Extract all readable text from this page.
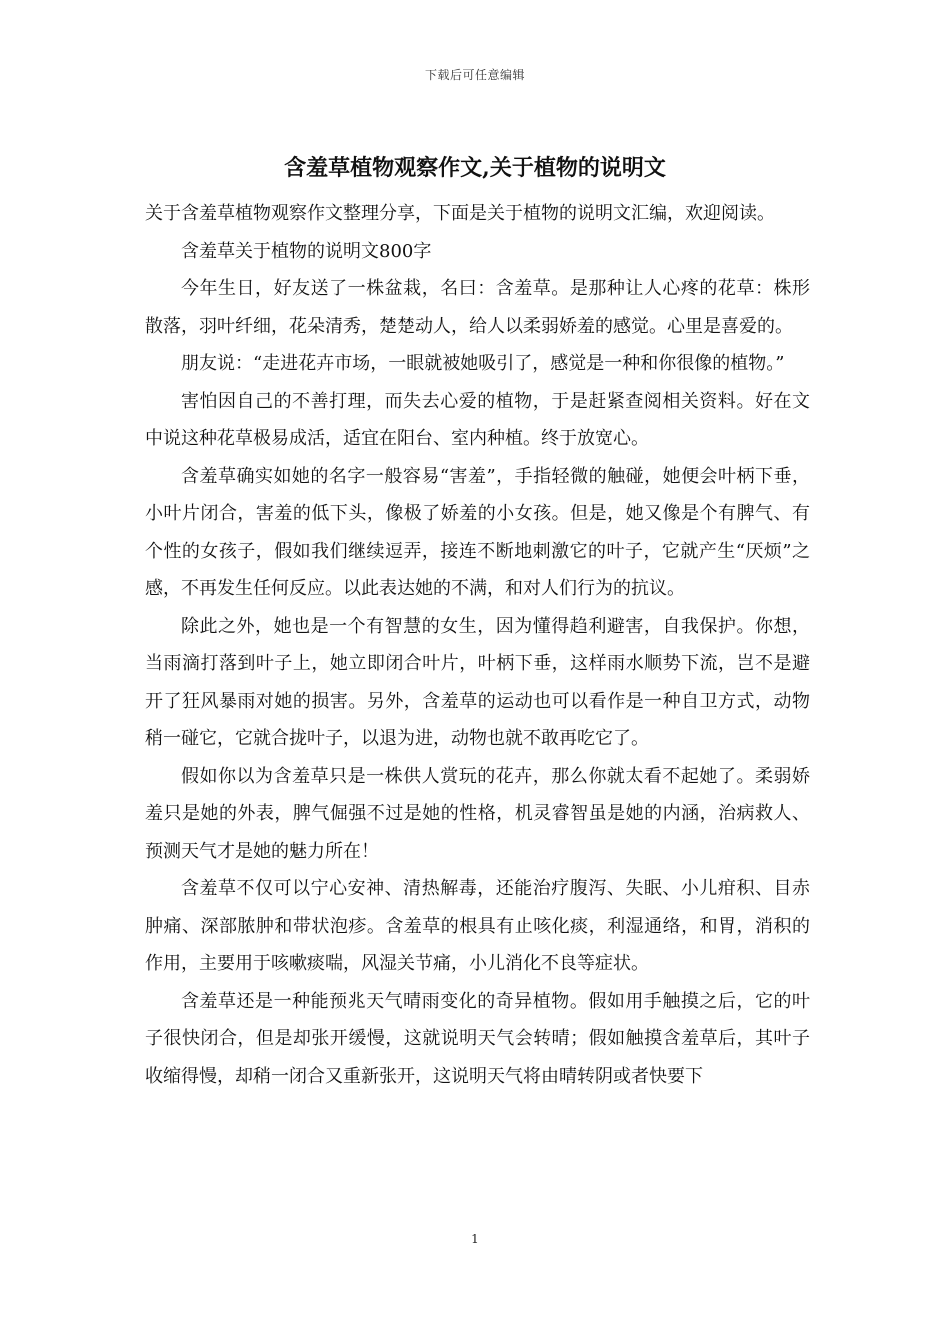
下载后可任意编辑
含羞草植物观察作文,关于植物的说明文

关于含羞草植物观察作文整理分享，下面是关于植物的说明文汇编，欢迎阅读。

含羞草关于植物的说明文800字

今年生日，好友送了一株盆栽，名曰：含羞草。是那种让人心疼的花草：株形散落，羽叶纤细，花朵清秀，楚楚动人，给人以柔弱娇羞的感觉。心里是喜爱的。

朋友说：“走进花卉市场，一眼就被她吸引了，感觉是一种和你很像的植物。”

害怕因自己的不善打理，而失去心爱的植物，于是赶紧查阅相关资料。好在文中说这种花草极易成活，适宜在阳台、室内种植。终于放宽心。

含羞草确实如她的名字一般容易“害羞”，手指轻微的触碰，她便会叶柄下垂，小叶片闭合，害羞的低下头，像极了娇羞的小女孩。但是，她又像是个有脾气、有个性的女孩子，假如我们继续逗弄，接连不断地刺激它的叶子，它就产生“厌烦”之感，不再发生任何反应。以此表达她的不满，和对人们行为的抗议。

除此之外，她也是一个有智慧的女生，因为懂得趋利避害，自我保护。你想，当雨滴打落到叶子上，她立即闭合叶片，叶柄下垂，这样雨水顺势下流，岂不是避开了狂风暴雨对她的损害。另外，含羞草的运动也可以看作是一种自卫方式，动物稍一碰它，它就合拢叶子，以退为进，动物也就不敢再吃它了。

假如你以为含羞草只是一株供人赏玩的花卉，那么你就太看不起她了。柔弱娇羞只是她的外表，脾气倔强不过是她的性格，机灵睿智虽是她的内涵，治病救人、预测天气才是她的魅力所在！

含羞草不仅可以宁心安神、清热解毒，还能治疗腹泻、失眠、小儿疳积、目赤肿痛、深部脓肿和带状泡疹。含羞草的根具有止咳化痰，利湿通络，和胃，消积的作用，主要用于咳嗽痰喘，风湿关节痛，小儿消化不良等症状。

含羞草还是一种能预兆天气晴雨变化的奇异植物。假如用手触摸之后，它的叶子很快闭合，但是却张开缓慢，这就说明天气会转晴；假如触摸含羞草后，其叶子收缩得慢，却稍一闭合又重新张开，这说明天气将由晴转阴或者快要下

1
